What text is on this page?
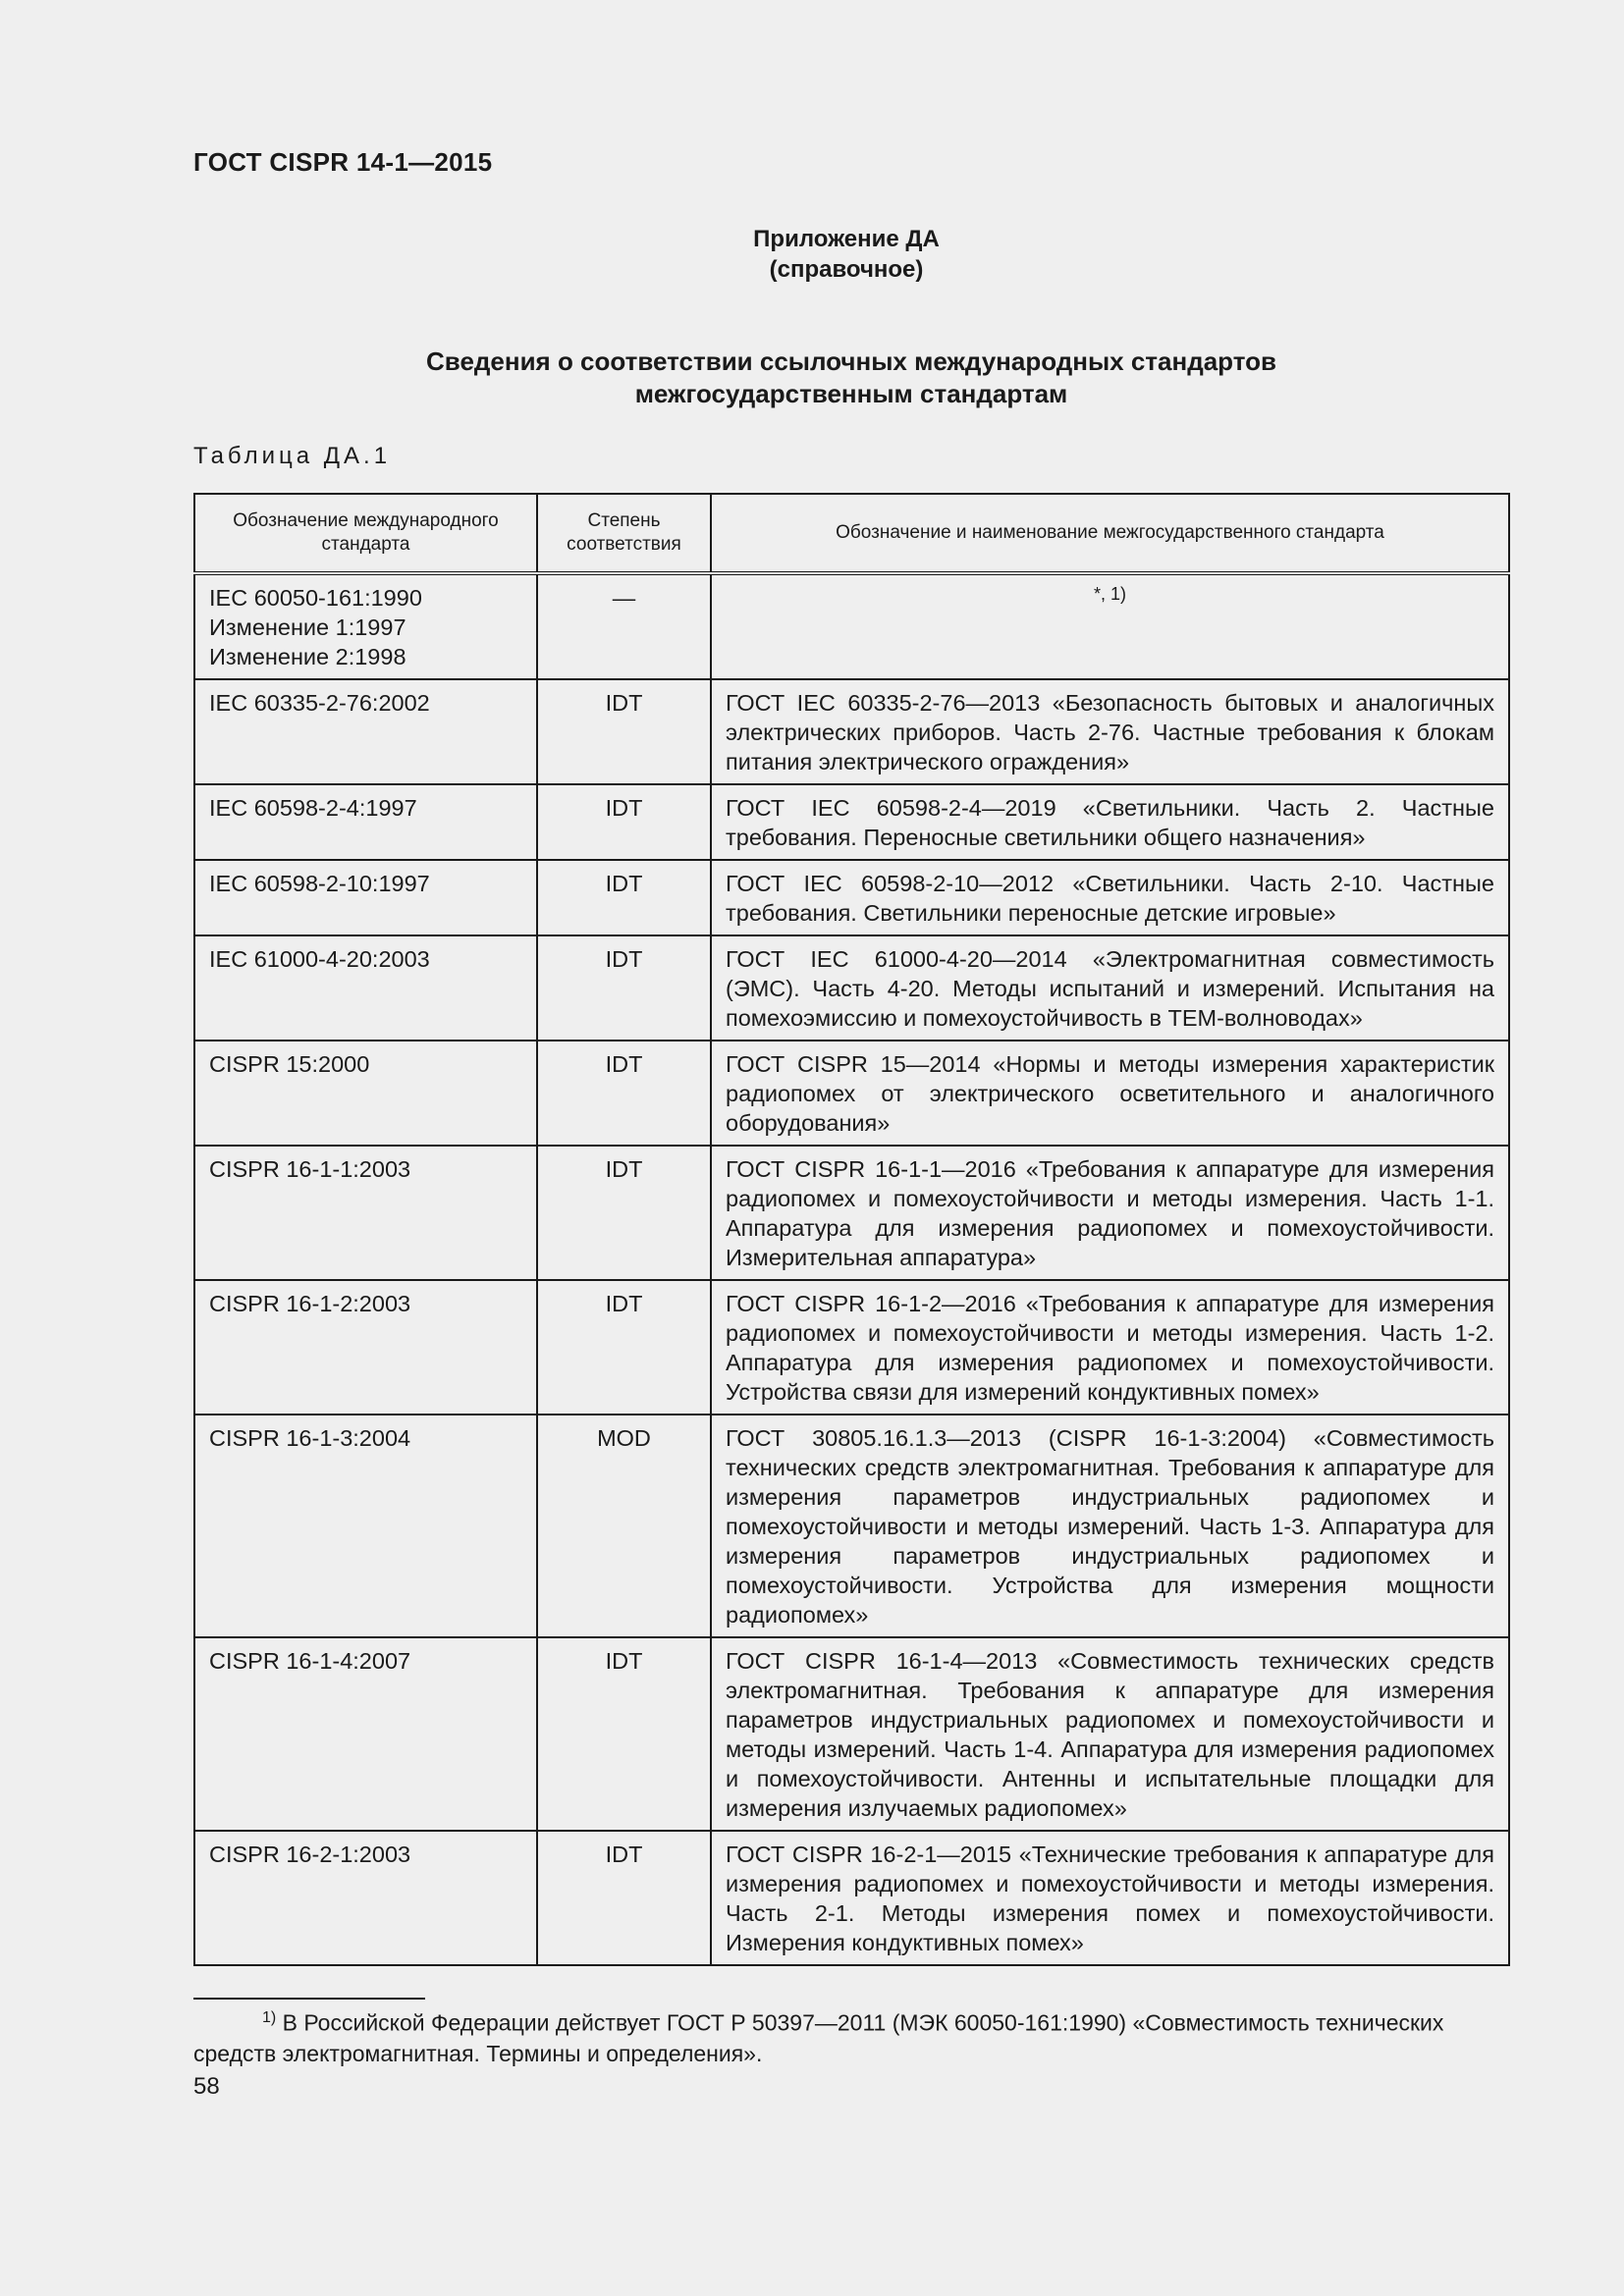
ГОСТ CISPR 14-1—2015
Приложение ДА
(справочное)
Сведения о соответствии ссылочных международных стандартов
межгосударственным стандартам
Таблица ДА.1
Обозначение международного стандарта	Степень соответствия	Обозначение и наименование межгосударственного стандарта

IEC 60050-161:1990
Изменение 1:1997
Изменение 2:1998	—	*, 1)
IEC 60335-2-76:2002	IDT	ГОСТ IEC 60335-2-76—2013 «Безопасность бытовых и аналогичных электрических приборов. Часть 2-76. Частные требования к блокам питания электрического ограждения»
IEC 60598-2-4:1997	IDT	ГОСТ IEC 60598-2-4—2019 «Светильники. Часть 2. Частные требования. Переносные светильники общего назначения»
IEC 60598-2-10:1997	IDT	ГОСТ IEC 60598-2-10—2012 «Светильники. Часть 2-10. Частные требования. Светильники переносные детские игровые»
IEC 61000-4-20:2003	IDT	ГОСТ IEC 61000-4-20—2014 «Электромагнитная совместимость (ЭМС). Часть 4-20. Методы испытаний и измерений. Испытания на помехоэмиссию и помехоустойчивость в ТЕМ-волноводах»
CISPR 15:2000	IDT	ГОСТ CISPR 15—2014 «Нормы и методы измерения характеристик радиопомех от электрического осветительного и аналогичного оборудования»
CISPR 16-1-1:2003	IDT	ГОСТ CISPR 16-1-1—2016 «Требования к аппаратуре для измерения радиопомех и помехоустойчивости и методы измерения. Часть 1-1. Аппаратура для измерения радиопомех и помехоустойчивости. Измерительная аппаратура»
CISPR 16-1-2:2003	IDT	ГОСТ CISPR 16-1-2—2016 «Требования к аппаратуре для измерения радиопомех и помехоустойчивости и методы измерения. Часть 1-2. Аппаратура для измерения радиопомех и помехоустойчивости. Устройства связи для измерений кондуктивных помех»
CISPR 16-1-3:2004	MOD	ГОСТ 30805.16.1.3—2013 (CISPR 16-1-3:2004) «Совместимость технических средств электромагнитная. Требования к аппаратуре для измерения параметров индустриальных радиопомех и помехоустойчивости и методы измерений. Часть 1-3. Аппаратура для измерения параметров индустриальных радиопомех и помехоустойчивости. Устройства для измерения мощности радиопомех»
CISPR 16-1-4:2007	IDT	ГОСТ CISPR 16-1-4—2013 «Совместимость технических средств электромагнитная. Требования к аппаратуре для измерения параметров индустриальных радиопомех и помехоустойчивости и методы измерений. Часть 1-4. Аппаратура для измерения радиопомех и помехоустойчивости. Антенны и испытательные площадки для измерения излучаемых радиопомех»
CISPR 16-2-1:2003	IDT	ГОСТ CISPR 16-2-1—2015 «Технические требования к аппаратуре для измерения радиопомех и помехоустойчивости и методы измерения. Часть 2-1. Методы измерения помех и помехоустойчивости. Измерения кондуктивных помех»
$^{1)}$ В Российской Федерации действует ГОСТ Р 50397—2011 (МЭК 60050-161:1990) «Совместимость технических средств электромагнитная. Термины и определения».
58
